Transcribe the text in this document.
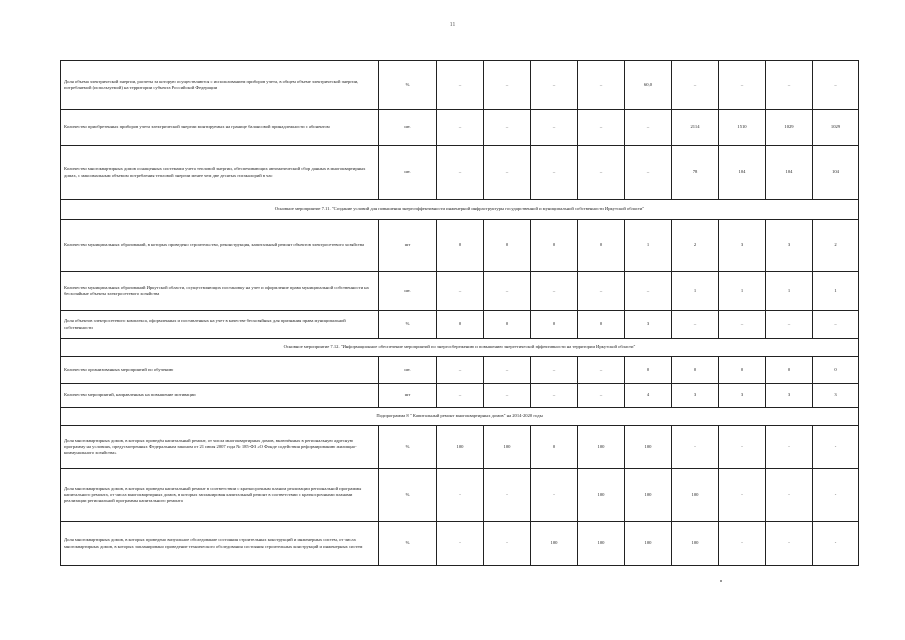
11
Доля объема электрической энергии, расчеты за которую осуществляются с использованием приборов учета, в общем объеме электрической энергии, потребляемой (используемой) на территории субъекта Российской Федерации	%	–	–	–	–	60,0	–	–	–	–
Количество приобретенных приборов учета электрической энергии монтируемых на границе балансовой принадлежности с абонентом	шт.	–	–	–	–	–	2114	1510	1029	1029
Количество многоквартирных домов оснащенных системами учета тепловой энергии, обеспечивающих автоматический сбор данных в многоквартирных домах, с максимальным объемом потребления тепловой энергии менее чем две десятых гигакалорий в час	шт.	–	–	–	–	–	78	104	104	104
Основное мероприятие 7.11. "Создание условий для повышения энергоэффективности инженерной инфраструктуры государственной и муниципальной собственности Иркутской области"										
Количество муниципальных образований, в которых проведено строительство, реконструкция, капитальный ремонт объектов электросетевого хозяйства	шт	0	0	0	0	1	2	3	3	2
Количество муниципальных образований Иркутской области, осуществляющих постановку на учет и оформление права муниципальной собственности на бесхозяйные объекты электросетевого хозяйства	шт.	–	–	–	–	–	1	1	1	1
Доля объектов электросетевого комплекса, оформленных и поставленных на учет в качестве бесхозяйных для признания права муниципальной собственности	%	0	0	0	0	3	–	–	–	–
Основное мероприятие 7.12. "Информационное обеспечение мероприятий по энергосбережению и повышению энергетической эффективности на территории Иркутской области"										
Количество организованных мероприятий по обучению	шт.	–	–	–	–	0	0	0	0	0
Количество мероприятий, направленных на повышение мотивации	шт	–	–	–	–	4	3	3	3	3
Подпрограмма 8 " Капитальный ремонт многоквартирных домов" на 2014-2020 годы										
Доля многоквартирных домов, в которых проведён капитальный ремонт, от числа многоквартирных домов, включённых в региональную адресную программу на условиях, предусмотренных Федеральным законом от 21 июля 2007 года № 185-ФЗ «О Фонде содействия реформированию жилищно-коммунального хозяйства»	%	100	100	0	100	100	-	-	-	-
Доля многоквартирных домов, в которых проведен капитальный ремонт в соответствии с краткосрочным планом реализации региональной программы капитального ремонта, от числа многоквартирных домов, в которых запланирован капитальный ремонт в соответствии с краткосрочными планами реализации региональной программы капитального ремонта	%	-	-	-	100	100	100	-	-	-
Доля многоквартирных домов, в которых проведено визуальное обследование состояния строительных конструкций и инженерных систем, от числа многоквартирных домов, в которых запланировано проведение технического обследования состояния строительных конструкций и инженерных систем	%	-	-	100	100	100	100	-	-	-
